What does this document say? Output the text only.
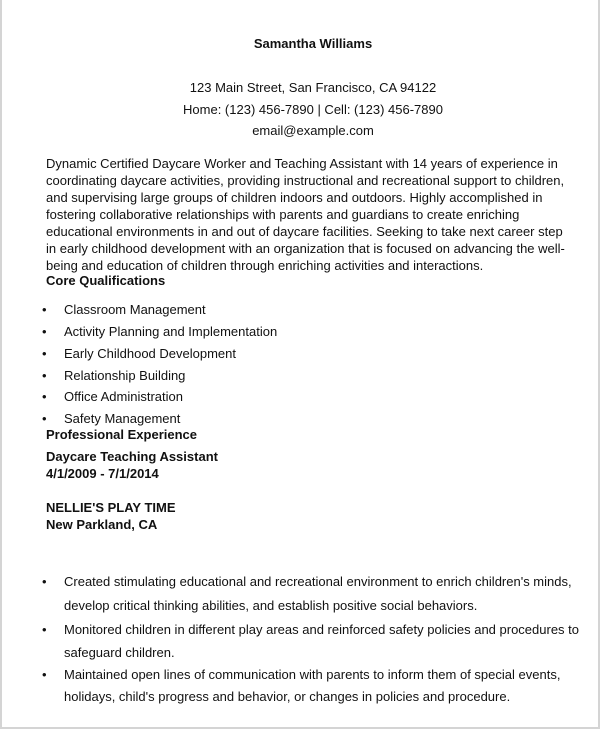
Samantha Williams
123 Main Street, San Francisco, CA 94122
Home: (123) 456-7890 | Cell: (123) 456-7890
email@example.com
Dynamic Certified Daycare Worker and Teaching Assistant with 14 years of experience in coordinating daycare activities, providing instructional and recreational support to children, and supervising large groups of children indoors and outdoors. Highly accomplished in fostering collaborative relationships with parents and guardians to create enriching educational environments in and out of daycare facilities. Seeking to take next career step in early childhood development with an organization that is focused on advancing the well-being and education of children through enriching activities and interactions.
Core Qualifications
• Classroom Management
• Activity Planning and Implementation
• Early Childhood Development
• Relationship Building
• Office Administration
• Safety Management
Professional Experience
Daycare Teaching Assistant
4/1/2009 - 7/1/2014
NELLIE'S PLAY TIME
New Parkland, CA
• Created stimulating educational and recreational environment to enrich children's minds,
develop critical thinking abilities, and establish positive social behaviors.
• Monitored children in different play areas and reinforced safety policies and procedures to
safeguard children.
• Maintained open lines of communication with parents to inform them of special events,
holidays, child's progress and behavior, or changes in policies and procedure.
